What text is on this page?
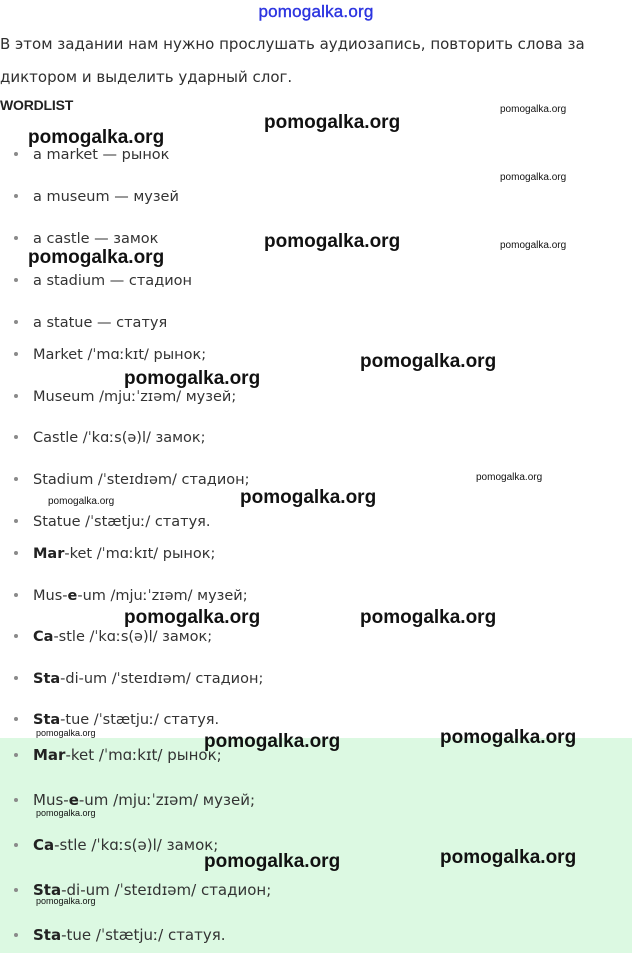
pomogalka.org
В этом задании нам нужно прослушать аудиозапись, повторить слова за диктором и выделить ударный слог.
WORDLIST
a market — рынок
a museum — музей
a castle — замок
a stadium — стадион
a statue — статуя
Market /ˈmɑːkɪt/ рынок;
Museum /mjuːˈzɪəm/ музей;
Castle /ˈkɑːs(ə)l/ замок;
Stadium /ˈsteɪdɪəm/ стадион;
Statue /ˈstætjuː/ статуя.
Mar-ket /ˈmɑːkɪt/ рынок;
Mus-e-um /mjuːˈzɪəm/ музей;
Ca-stle /ˈkɑːs(ə)l/ замок;
Sta-di-um /ˈsteɪdɪəm/ стадион;
Sta-tue /ˈstætjuː/ статуя.
Mar-ket /ˈmɑːkɪt/ рынок;
Mus-e-um /mjuːˈzɪəm/ музей;
Ca-stle /ˈkɑːs(ə)l/ замок;
Sta-di-um /ˈsteɪdɪəm/ стадион;
Sta-tue /ˈstætjuː/ статуя.
pomogalka.org
pomogalka.org
pomogalka.org
pomogalka.org
pomogalka.org	pomogalka.org
pomogalka.org
pomogalka.org
pomogalka.org
pomogalka.org
pomogalka.org
pomogalka.org
pomogalka.org	pomogalka.org
pomogalka.org	pomogalka.org
pomogalka.org
pomogalka.org
pomogalka.org
pomogalka.org
pomogalka.org
